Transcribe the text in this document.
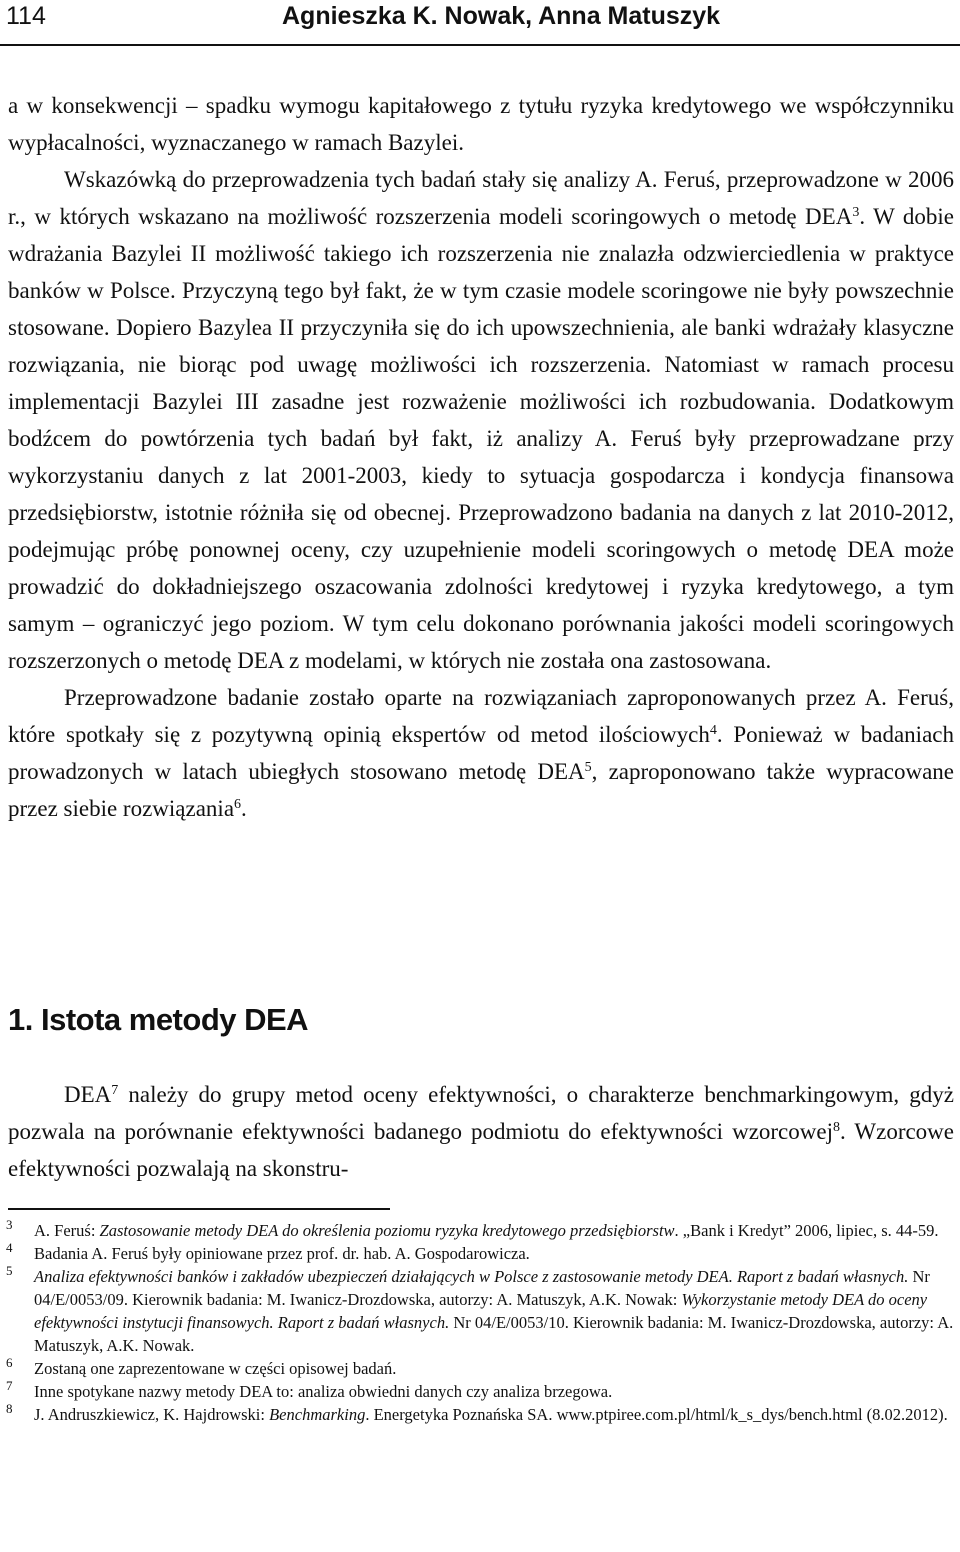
114	Agnieszka K. Nowak, Anna Matuszyk

a w konsekwencji – spadku wymogu kapitałowego z tytułu ryzyka kredytowego we współczynniku wypłacalności, wyznaczanego w ramach Bazylei.

Wskazówką do przeprowadzenia tych badań stały się analizy A. Feruś, przeprowadzone w 2006 r., w których wskazano na możliwość rozszerzenia modeli scoringowych o metodę DEA$^3$. W dobie wdrażania Bazylei II możliwość takiego ich rozszerzenia nie znalazła odzwierciedlenia w praktyce banków w Polsce. Przyczyną tego był fakt, że w tym czasie modele scoringowe nie były powszechnie stosowane. Dopiero Bazylea II przyczyniła się do ich upowszechnienia, ale banki wdrażały klasyczne rozwiązania, nie biorąc pod uwagę możliwości ich rozszerzenia. Natomiast w ramach procesu implementacji Bazylei III zasadne jest rozważenie możliwości ich rozbudowania. Dodatkowym bodźcem do powtórzenia tych badań był fakt, iż analizy A. Feruś były przeprowadzane przy wykorzystaniu danych z lat 2001-2003, kiedy to sytuacja gospodarcza i kondycja finansowa przedsiębiorstw, istotnie różniła się od obecnej. Przeprowadzono badania na danych z lat 2010-2012, podejmując próbę ponownej oceny, czy uzupełnienie modeli scoringowych o metodę DEA może prowadzić do dokładniejszego oszacowania zdolności kredytowej i ryzyka kredytowego, a tym samym – ograniczyć jego poziom. W tym celu dokonano porównania jakości modeli scoringowych rozszerzonych o metodę DEA z modelami, w których nie została ona zastosowana.

Przeprowadzone badanie zostało oparte na rozwiązaniach zaproponowanych przez A. Feruś, które spotkały się z pozytywną opinią ekspertów od metod ilościowych$^4$. Ponieważ w badaniach prowadzonych w latach ubiegłych stosowano metodę DEA$^5$, zaproponowano także wypracowane przez siebie rozwiązania$^6$.

1. Istota metody DEA

DEA$^7$ należy do grupy metod oceny efektywności, o charakterze benchmarkingowym, gdyż pozwala na porównanie efektywności badanego podmiotu do efektywności wzorcowej$^8$. Wzorcowe efektywności pozwalają na skonstru-

3 A. Feruś: Zastosowanie metody DEA do określenia poziomu ryzyka kredytowego przedsiębiorstw. „Bank i Kredyt” 2006, lipiec, s. 44-59.

4 Badania A. Feruś były opiniowane przez prof. dr. hab. A. Gospodarowicza.

5 Analiza efektywności banków i zakładów ubezpieczeń działających w Polsce z zastosowanie metody DEA. Raport z badań własnych. Nr 04/E/0053/09. Kierownik badania: M. Iwanicz-Drozdowska, autorzy: A. Matuszyk, A.K. Nowak: Wykorzystanie metody DEA do oceny efektywności instytucji finansowych. Raport z badań własnych. Nr 04/E/0053/10. Kierownik badania: M. Iwanicz-Drozdowska, autorzy: A. Matuszyk, A.K. Nowak.

6 Zostaną one zaprezentowane w części opisowej badań.

7 Inne spotykane nazwy metody DEA to: analiza obwiedni danych czy analiza brzegowa.

8 J. Andruszkiewicz, K. Hajdrowski: Benchmarking. Energetyka Poznańska SA. www.ptpiree.com.pl/html/k_s_dys/bench.html (8.02.2012).
